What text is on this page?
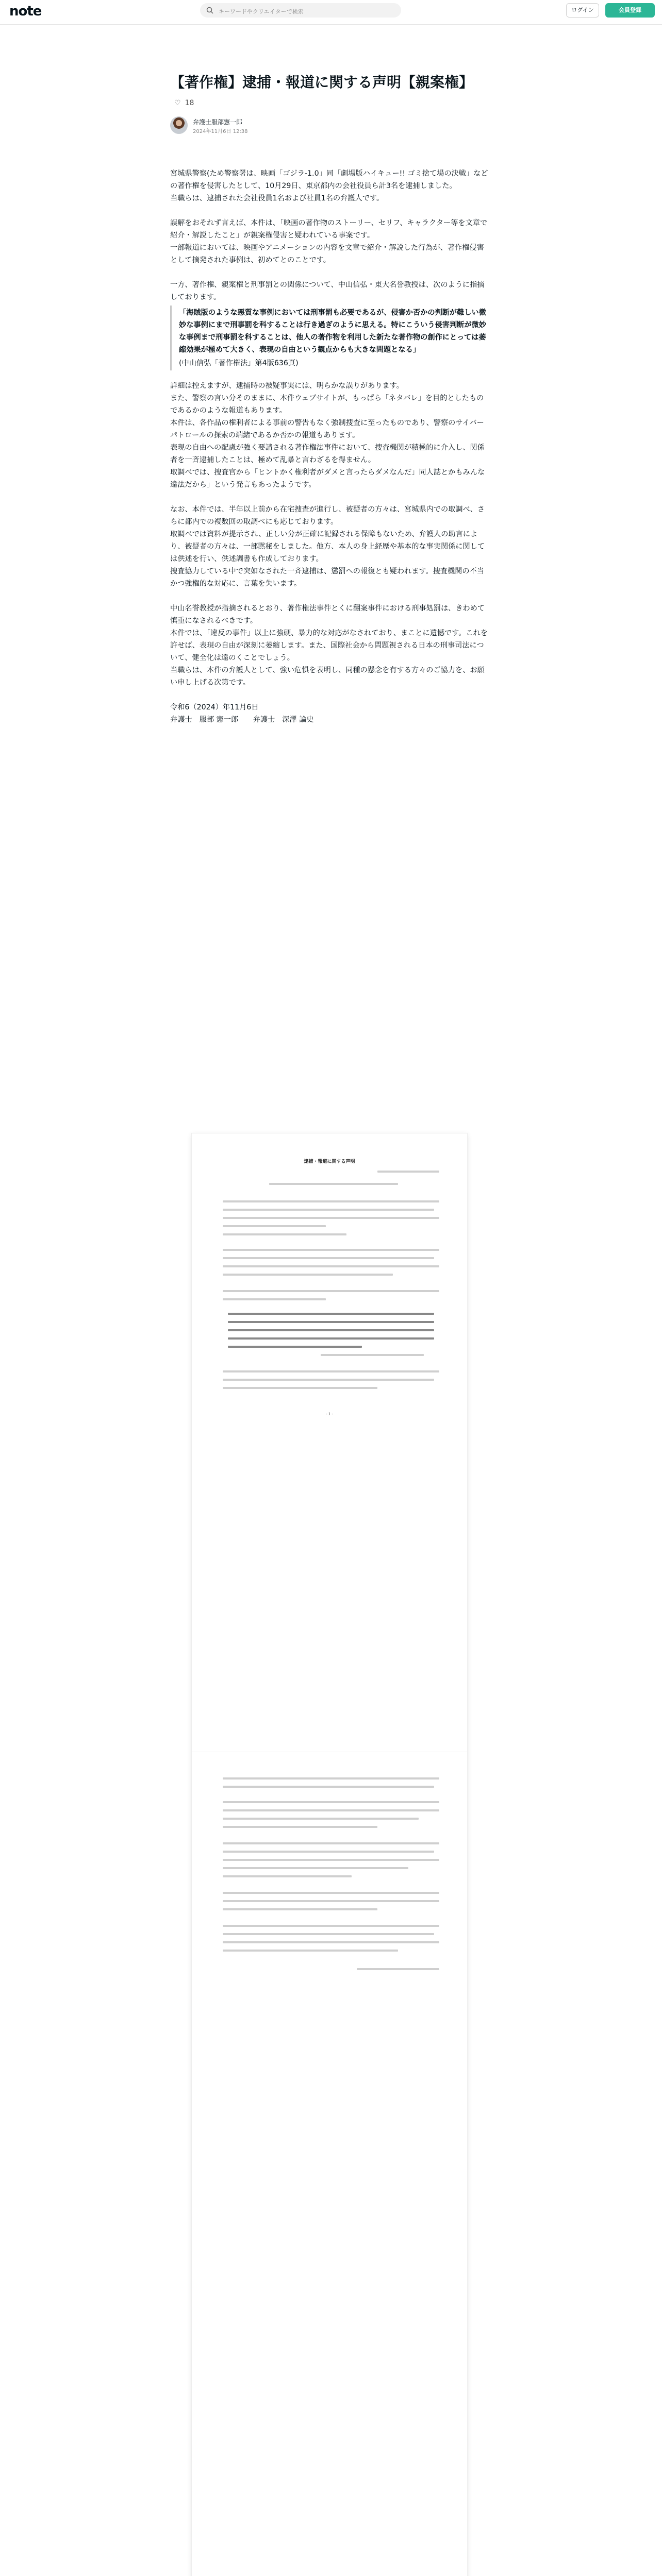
note	キーワードやクリエイターで検索	ログイン	会員登録
【著作権】逮捕・報道に関する声明【親案権】
♡ 18
弁護士服部憲一郎
2024年11月6日 12:38

宮城県警察(ため警察署は、映画「ゴジラ-1.0」同「劇場版ハイキュー!! ゴミ捨て場の決戦」などの著作権を侵害したとして、10月29日、東京都内の会社役員ら計3名を逮捕しました。
当職らは、逮捕された会社役員1名および社員1名の弁護人です。

誤解をおそれず言えば、本件は、「映画の著作物のストーリー、セリフ、キャラクター等を文章で紹介・解説したこと」が親案権侵害と疑われている事案です。
一部報道においては、映画やアニメーションの内容を文章で紹介・解説した行為が、著作権侵害として摘発された事例は、初めてとのことです。

一方、著作権、親案権と刑事罰との関係について、中山信弘・東大名誉教授は、次のように指摘しております。

「海賊版のような悪質な事例においては刑事罰も必要であるが、侵害か否かの判断が難しい微妙な事例にまで刑事罰を科することは行き過ぎのように思える。特にこういう侵害判断が微妙な事例まで刑事罰を科することは、他人の著作物を利用した新たな著作物の創作にとっては萎縮効果が極めて大きく、表現の自由という観点からも大きな問題となる」
(中山信弘「著作権法」第4版636頁)

詳細は控えますが、逮捕時の被疑事実には、明らかな誤りがあります。
また、警察の言い分そのままに、本件ウェブサイトが、もっぱら「ネタバレ」を目的としたものであるかのような報道もあります。
本件は、各作品の権利者による事前の警告もなく強制捜査に至ったものであり、警察のサイバーパトロールの探索の端緒であるか否かの報道もあります。
表現の自由への配慮が強く要請される著作権法事件において、捜査機関が積極的に介入し、関係者を一斉逮捕したことは、極めて乱暴と言わざるを得ません。
取調べでは、捜査官から「ヒントかく権利者がダメと言ったらダメなんだ」同人誌とかもみんな違法だから」という発言もあったようです。

なお、本件では、半年以上前から在宅捜査が進行し、被疑者の方々は、宮城県内での取調べ、さらに都内での複数回の取調べにも応じております。
取調べでは資料が提示され、正しい分が正確に記録される保障もないため、弁護人の助言により、被疑者の方々は、一部黙秘をしました。他方、本人の身上経歴や基本的な事実関係に関しては供述を行い、供述調書も作成しております。
捜査協力している中で突如なされた一斉逮捕は、懲罰への報復とも疑われます。捜査機関の不当かつ強権的な対応に、言葉を失います。

中山名誉教授が指摘されるとおり、著作権法事件とくに翻案事件における刑事処罰は、きわめて慎重になされるべきです。
本件では、「違反の事件」以上に強硬、暴力的な対応がなされており、まことに遺憾です。これを許せば、表現の自由が深刻に萎縮します。また、国際社会から問題視される日本の刑事司法について、健全化は遠のくことでしょう。
当職らは、本件の弁護人として、強い危惧を表明し、同種の懸念を有する方々のご協力を、お願い申し上げる次第です。

令和6（2024）年11月6日
弁護士　服部 憲一郎　　弁護士　深澤 論史

逮捕・報道に関する声明
- 1 -
